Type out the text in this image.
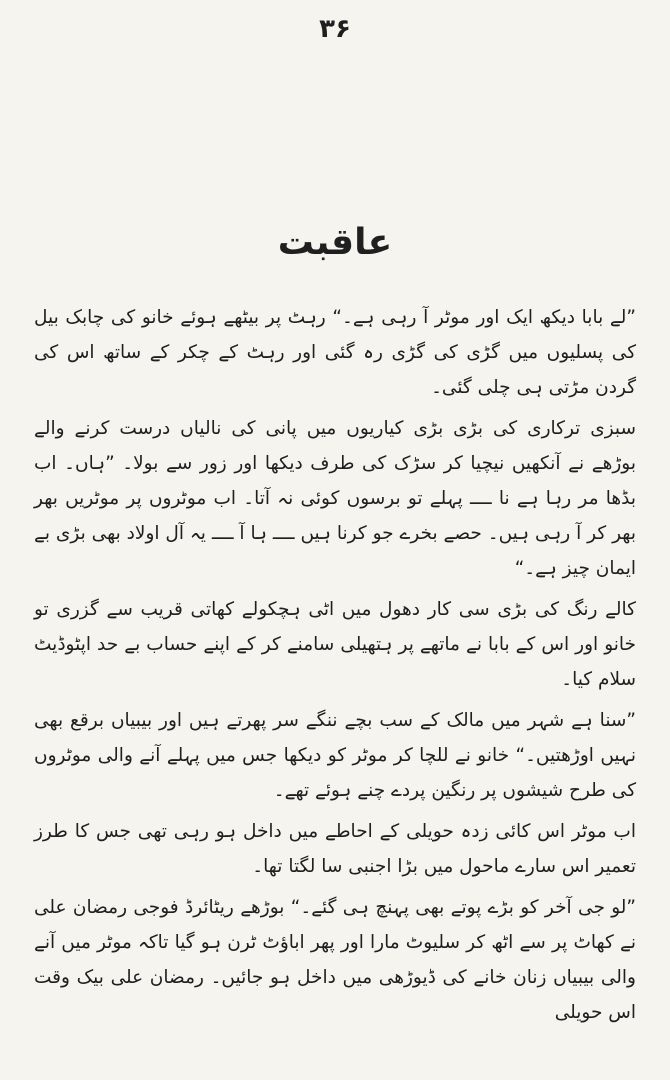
۳۶
عاقبت

”لے بابا دیکھ ایک اور موٹر آ رہی ہے۔“ رہٹ پر بیٹھے ہوئے خانو کی چابک بیل کی پسلیوں میں گڑی کی گڑی رہ گئی اور رہٹ کے چکر کے ساتھ اس کی گردن مڑتی ہی چلی گئی۔

سبزی ترکاری کی بڑی بڑی کیاریوں میں پانی کی نالیاں درست کرنے والے بوڑھے نے آنکھیں نیچیا کر سڑک کی طرف دیکھا اور زور سے بولا۔ ”ہاں۔ اب بڈھا مر رہا ہے نا ــــ پہلے تو برسوں کوئی نہ آتا۔ اب موٹروں پر موٹریں بھر بھر کر آ رہی ہیں۔ حصے بخرے جو کرنا ہیں ــــ ہا آ ــــ یہ آل اولاد بھی بڑی بے ایمان چیز ہے۔“

کالے رنگ کی بڑی سی کار دھول میں اٹی ہچکولے کھاتی قریب سے گزری تو خانو اور اس کے بابا نے ماتھے پر ہتھیلی سامنے کر کے اپنے حساب بے حد اپٹوڈیٹ سلام کیا۔

”سنا ہے شہر میں مالک کے سب بچے ننگے سر پھرتے ہیں اور بیبیاں برقع بھی نہیں اوڑھتیں۔“ خانو نے للچا کر موٹر کو دیکھا جس میں پہلے آنے والی موٹروں کی طرح شیشوں پر رنگین پردے چنے ہوئے تھے۔

اب موٹر اس کائی زدہ حویلی کے احاطے میں داخل ہو رہی تھی جس کا طرز تعمیر اس سارے ماحول میں بڑا اجنبی سا لگتا تھا۔

”لو جی آخر کو بڑے پوتے بھی پہنچ ہی گئے۔“ بوڑھے ریٹائرڈ فوجی رمضان علی نے کھاٹ پر سے اٹھ کر سلیوٹ مارا اور پھر اباؤٹ ٹرن ہو گیا تاکہ موٹر میں آنے والی بیبیاں زنان خانے کی ڈیوڑھی میں داخل ہو جائیں۔ رمضان علی بیک وقت اس حویلی
